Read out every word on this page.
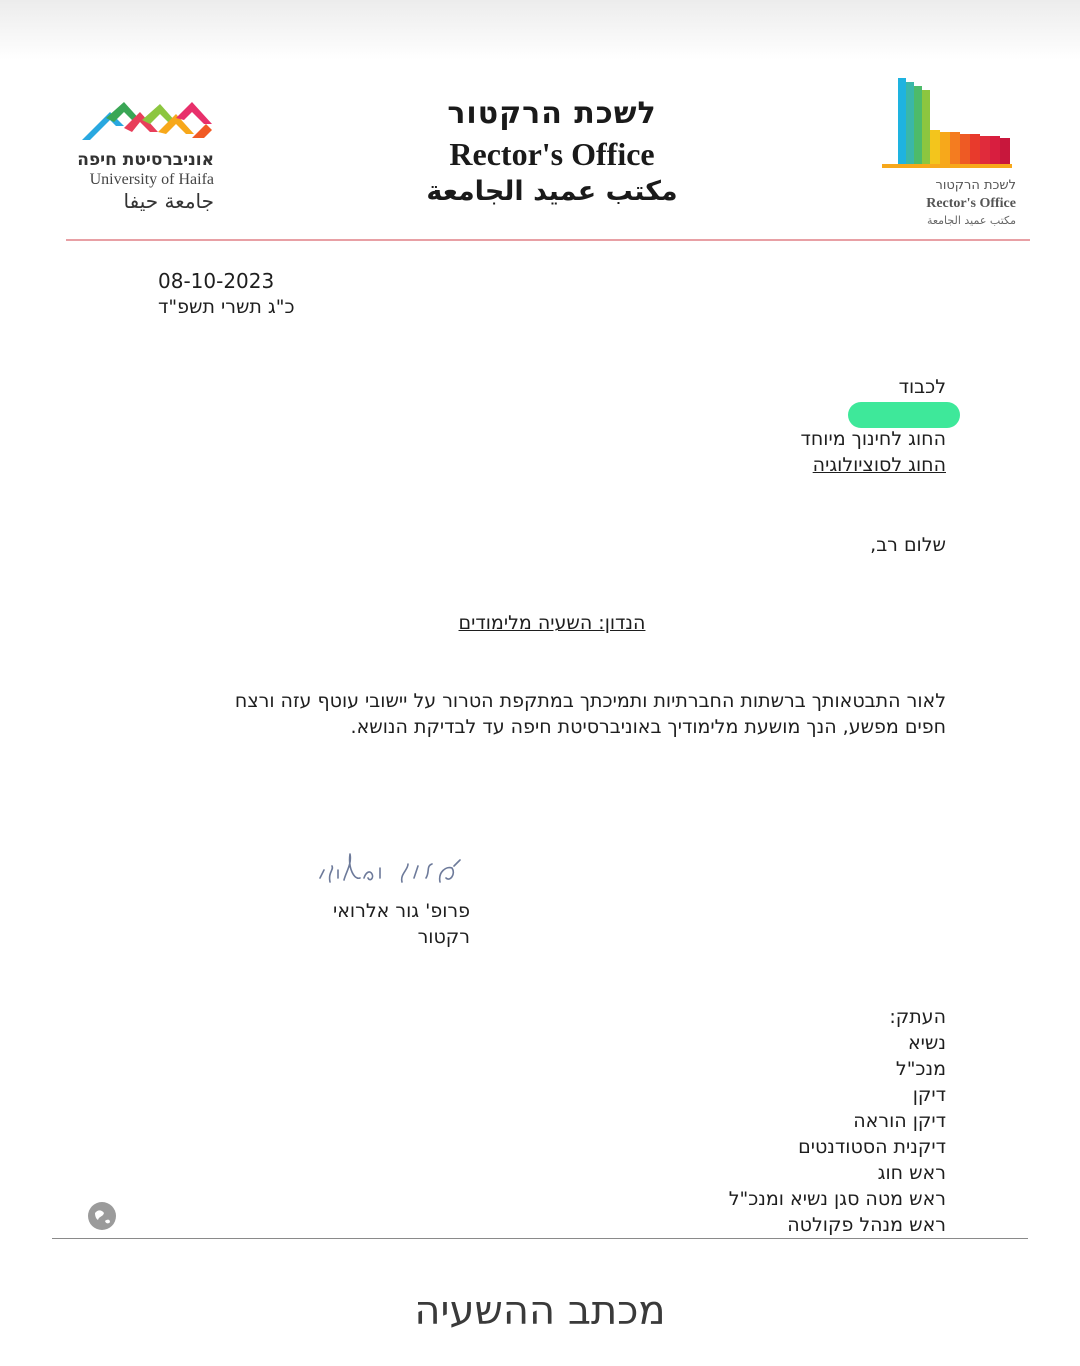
אוניברסיטת חיפה
University of Haifa
جامعة حيفا
לשכת הרקטור
Rector's Office
مكتب عميد الجامعة	לשכת הרקטור
Rector's Office
مكتب عميد الجامعة
08-10-2023
כ"ג תשרי תשפ"ד
לכבוד
החוג לחינוך מיוחד
החוג לסוציולוגיה
שלום רב,
הנדון: השעיה מלימודים
לאור התבטאותך ברשתות החברתיות ותמיכתך במתקפת הטרור על יישובי עוטף עזה ורצח
חפים מפשע, הנך מושעת מלימודיך באוניברסיטת חיפה עד לבדיקת הנושא.
פרופ' גור אלרואי
רקטור
העתק:
נשיא
מנכ"ל
דיקן
דיקן הוראה
דיקנית הסטודנטים
ראש חוג
ראש מטה סגן נשיא ומנכ"ל
ראש מנהל פקולטה
מכתב ההשעיה
